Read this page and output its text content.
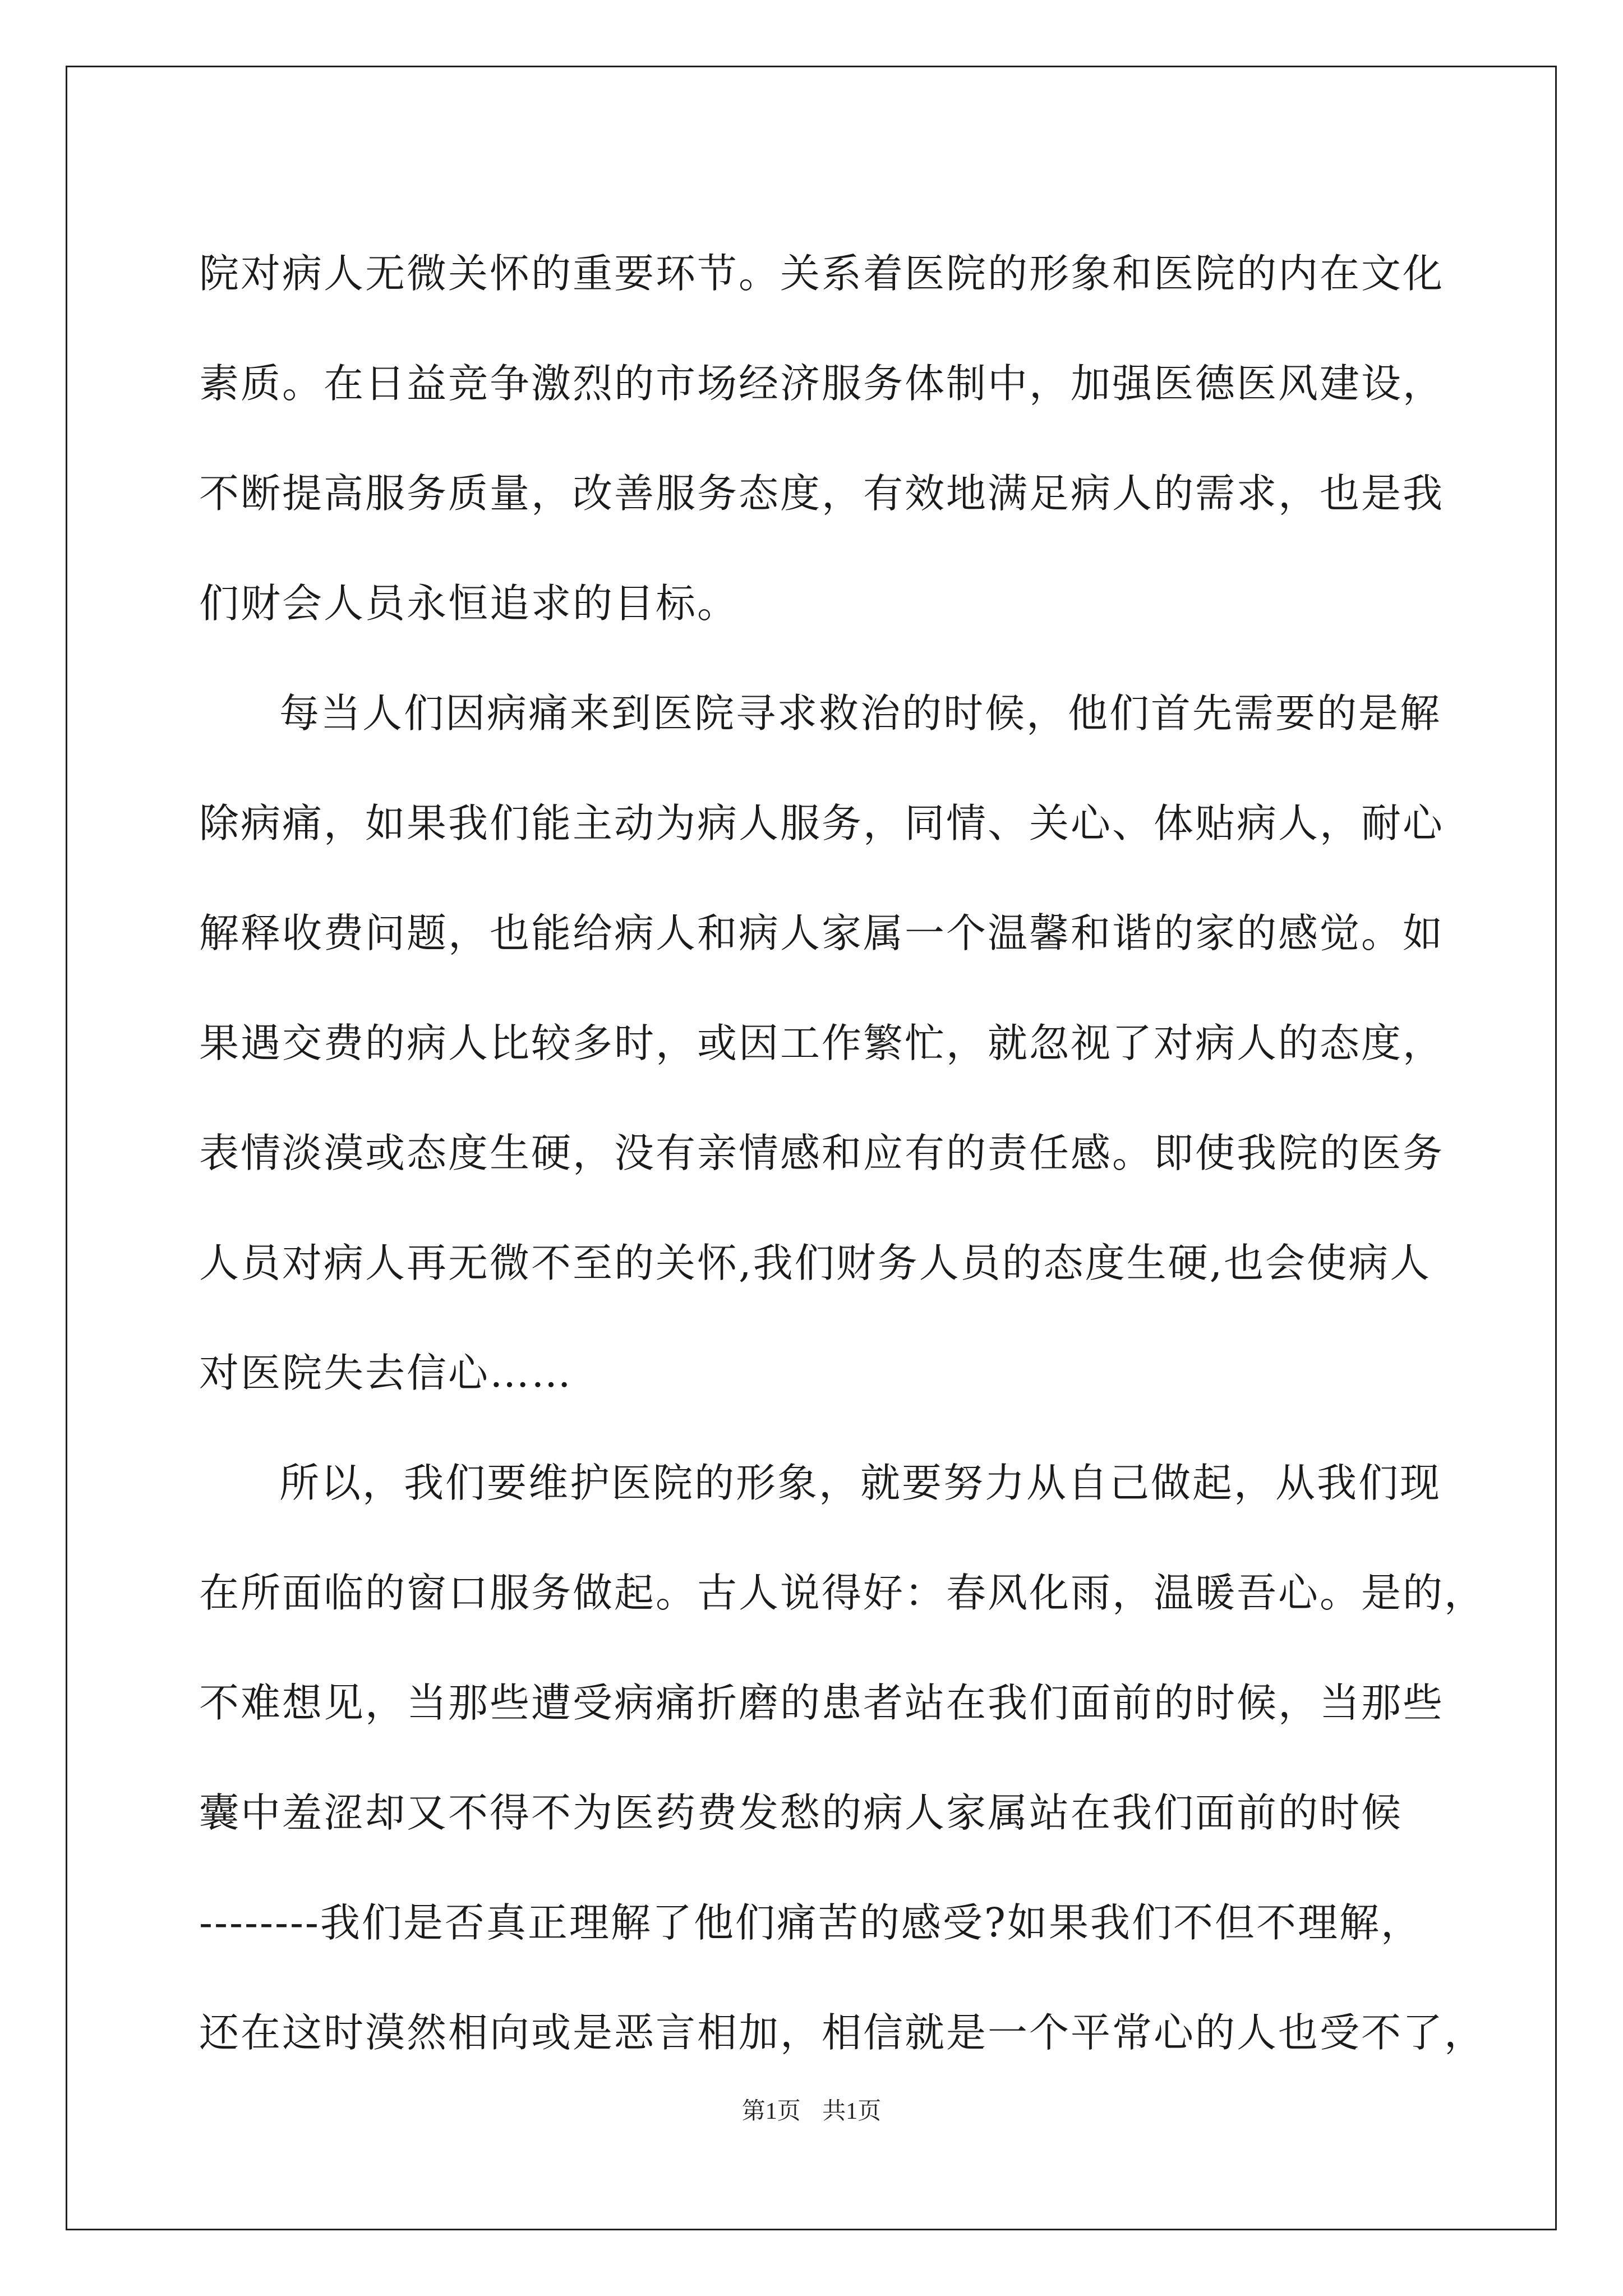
院对病人无微关怀的重要环节。关系着医院的形象和医院的内在文化
素质。在日益竞争激烈的市场经济服务体制中，加强医德医风建设，
不断提高服务质量，改善服务态度，有效地满足病人的需求，也是我
们财会人员永恒追求的目标。
每当人们因病痛来到医院寻求救治的时候，他们首先需要的是解
除病痛，如果我们能主动为病人服务，同情、关心、体贴病人，耐心
解释收费问题，也能给病人和病人家属一个温馨和谐的家的感觉。如
果遇交费的病人比较多时，或因工作繁忙，就忽视了对病人的态度，
表情淡漠或态度生硬，没有亲情感和应有的责任感。即使我院的医务
人员对病人再无微不至的关怀,我们财务人员的态度生硬,也会使病人
对医院失去信心……
所以，我们要维护医院的形象，就要努力从自己做起，从我们现
在所面临的窗口服务做起。古人说得好：春风化雨，温暖吾心。是的，
不难想见，当那些遭受病痛折磨的患者站在我们面前的时候，当那些
囊中羞涩却又不得不为医药费发愁的病人家属站在我们面前的时候
--------我们是否真正理解了他们痛苦的感受?如果我们不但不理解，
还在这时漠然相向或是恶言相加，相信就是一个平常心的人也受不了，
第1页 共1页
